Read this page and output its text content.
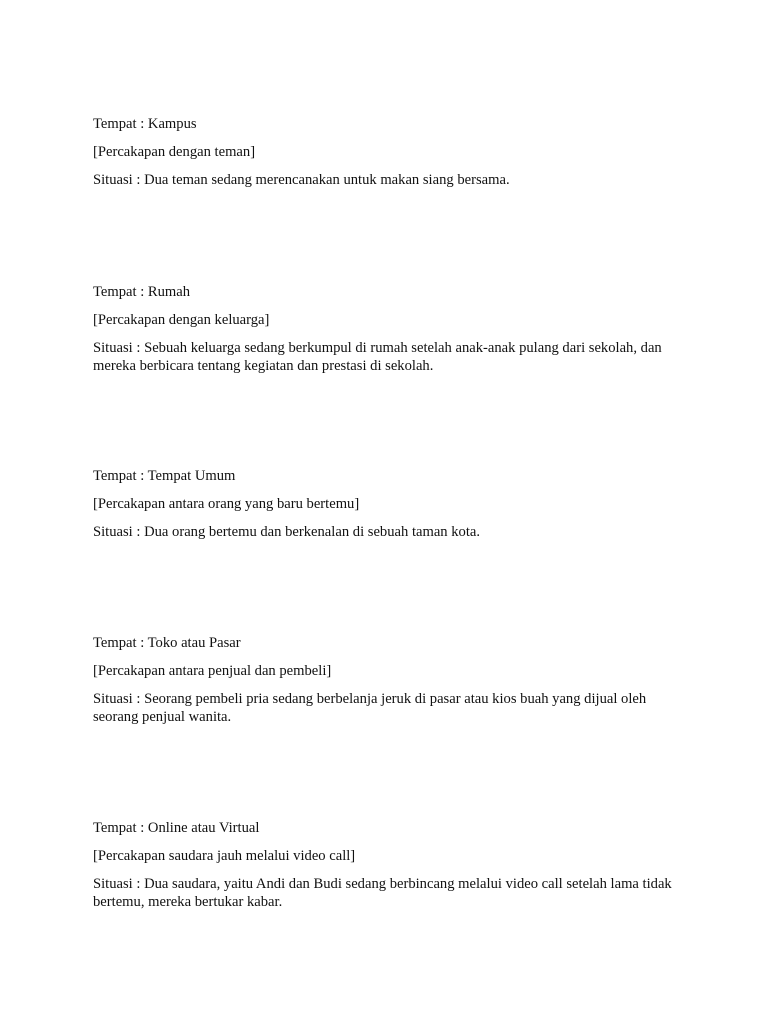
Tempat : Kampus

[Percakapan dengan teman]

Situasi : Dua teman sedang merencanakan untuk makan siang bersama.

Tempat : Rumah

[Percakapan dengan keluarga]

Situasi : Sebuah keluarga sedang berkumpul di rumah setelah anak-anak pulang dari sekolah, dan mereka berbicara tentang kegiatan dan prestasi di sekolah.

Tempat : Tempat Umum

[Percakapan antara orang yang baru bertemu]

Situasi : Dua orang bertemu dan berkenalan di sebuah taman kota.

Tempat : Toko atau Pasar

[Percakapan antara penjual dan pembeli]

Situasi : Seorang pembeli pria sedang berbelanja jeruk di pasar atau kios buah yang dijual oleh seorang penjual wanita.

Tempat : Online atau Virtual

[Percakapan saudara jauh melalui video call]

Situasi : Dua saudara, yaitu Andi dan Budi sedang berbincang melalui video call setelah lama tidak bertemu, mereka bertukar kabar.
